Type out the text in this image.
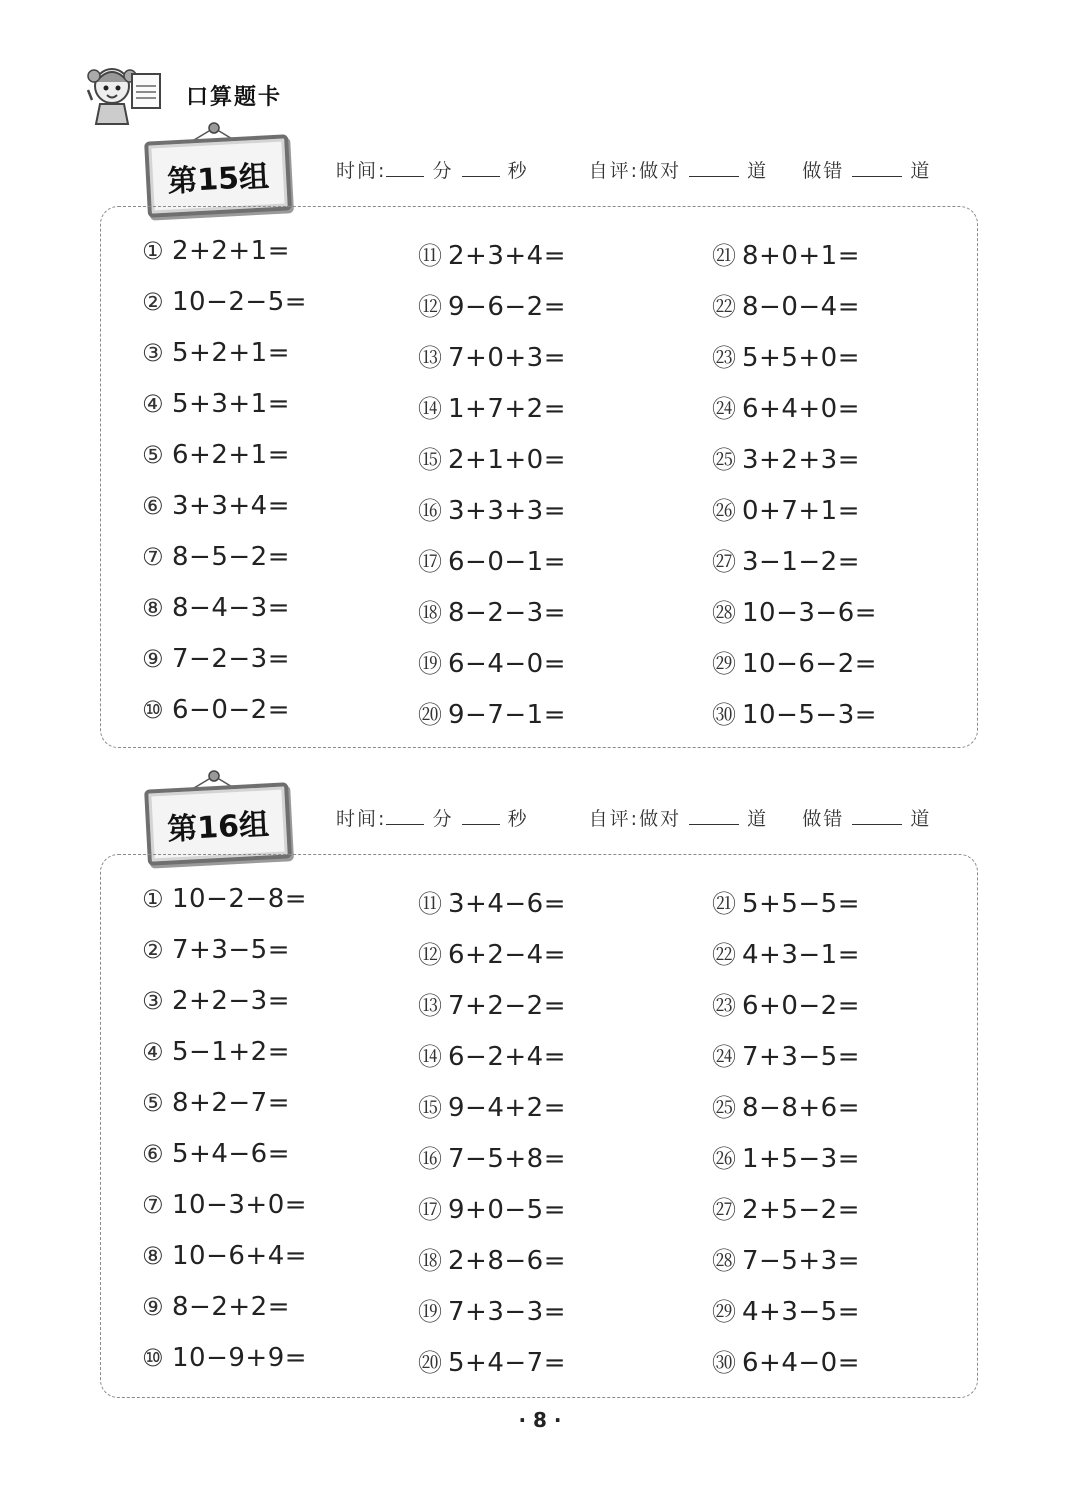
口算题卡
第15组	时间: 分	秒	自评:做对	道 做错	道
① 2+2+1=
② 10−2−5=
③ 5+2+1=
④ 5+3+1=
⑤ 6+2+1=
⑥ 3+3+4=
⑦ 8−5−2=
⑧ 8−4−3=
⑨ 7−2−3=
⑩ 6−0−2=
⑪ 2+3+4=
⑫ 9−6−2=
⑬ 7+0+3=
⑭ 1+7+2=
⑮ 2+1+0=
⑯ 3+3+3=
⑰ 6−0−1=
⑱ 8−2−3=
⑲ 6−4−0=
⑳ 9−7−1=
㉑ 8+0+1=
㉒ 8−0−4=
㉓ 5+5+0=
㉔ 6+4+0=
㉕ 3+2+3=
㉖ 0+7+1=
㉗ 3−1−2=
㉘ 10−3−6=
㉙ 10−6−2=
㉚ 10−5−3=
第16组	时间: 分	秒	自评:做对	道 做错	道
① 10−2−8=
② 7+3−5=
③ 2+2−3=
④ 5−1+2=
⑤ 8+2−7=
⑥ 5+4−6=
⑦ 10−3+0=
⑧ 10−6+4=
⑨ 8−2+2=
⑩ 10−9+9=
⑪ 3+4−6=
⑫ 6+2−4=
⑬ 7+2−2=
⑭ 6−2+4=
⑮ 9−4+2=
⑯ 7−5+8=
⑰ 9+0−5=
⑱ 2+8−6=
⑲ 7+3−3=
⑳ 5+4−7=
㉑ 5+5−5=
㉒ 4+3−1=
㉓ 6+0−2=
㉔ 7+3−5=
㉕ 8−8+6=
㉖ 1+5−3=
㉗ 2+5−2=
㉘ 7−5+3=
㉙ 4+3−5=
㉚ 6+4−0=
· 8 ·
